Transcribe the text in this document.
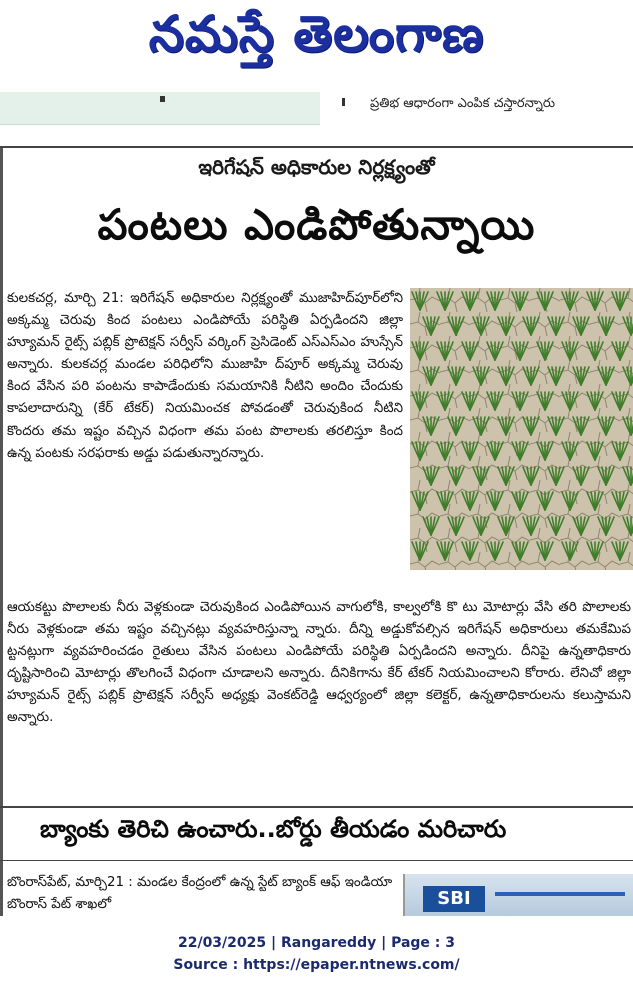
నమస్తే తెలంగాణ
ప్రతిభ ఆధారంగా ఎంపిక చస్తారన్నారు
ఇరిగేషన్ అధికారుల నిర్లక్ష్యంతో
పంటలు ఎండిపోతున్నాయి

కులకచర్ల, మార్చి 21: ఇరిగేషన్ అధికారుల నిర్లక్ష్యంతో ముజాహిద్‌పూర్‌లోని అక్కమ్మ చెరువు కింద పంటలు ఎండిపోయే పరిస్థితి ఏర్పడిందని జిల్లా హ్యూమన్ రైట్స్ పబ్లిక్ ప్రొటెక్షన్ సర్వీస్ వర్కింగ్ ప్రెసిడెంట్ ఎస్ఎస్ఎం హుస్సేన్ అన్నారు. కులకచర్ల మండల పరిధిలోని ముజాహి ద్‌పూర్ అక్కమ్మ చెరువు కింద వేసిన పరి పంటను కాపాడేందుకు సమయానికి నీటిని అందిం చేందుకు కాపలాదారున్ని (కేర్ టేకర్) నియమించక పోవడంతో చెరువుకింద నీటిని కొందరు తమ ఇష్టం వచ్చిన విధంగా తమ పంట పొలాలకు తరలిస్తూ కింద ఉన్న పంటకు సరఫరాకు అడ్డు పడుతున్నారన్నారు.

ఆయకట్టు పొలాలకు నీరు వెళ్లకుండా చెరువుకింద ఎండిపోయిన వాగులోకి, కాల్వలోకి కొ టు మోటార్లు వేసి తరి పొలాలకు నీరు వెళ్లకుండా తమ ఇష్టం వచ్చినట్లు వ్యవహరిస్తున్నా న్నారు. దీన్ని అడ్డుకోవల్సిన ఇరిగేషన్ అధికారులు తమకేమిప ట్టనట్లుగా వ్యవహరించడం రైతులు వేసిన పంటలు ఎండిపోయే పరిస్థితి ఏర్పడిందని అన్నారు. దీనిపై ఉన్నతాధికారు దృష్టిసారించి మోటార్లు తొలగించే విధంగా చూడాలని అన్నారు. దీనికిగాను కేర్ టేకర్ నియమించాలని కోరారు. లేనిచో జిల్లా హ్యూమన్ రైట్స్ పబ్లిక్ ప్రొటెక్షన్ సర్వీస్ అధ్యక్షు వెంకట్‌రెడ్డి ఆధ్వర్యంలో జిల్లా కలెక్టర్, ఉన్నతాధికారులను కలుస్తామని అన్నారు.

బ్యాంకు తెరిచి ఉంచారు..బోర్డు తీయడం మరిచారు

బొంరాస్‌పేట్, మార్చి21 : మండల కేంద్రంలో ఉన్న స్టేట్ బ్యాంక్ ఆఫ్ ఇండియా బొంరాస్ పేట్ శాఖలో	SBI
22/03/2025 | Rangareddy | Page : 3
Source : https://epaper.ntnews.com/
